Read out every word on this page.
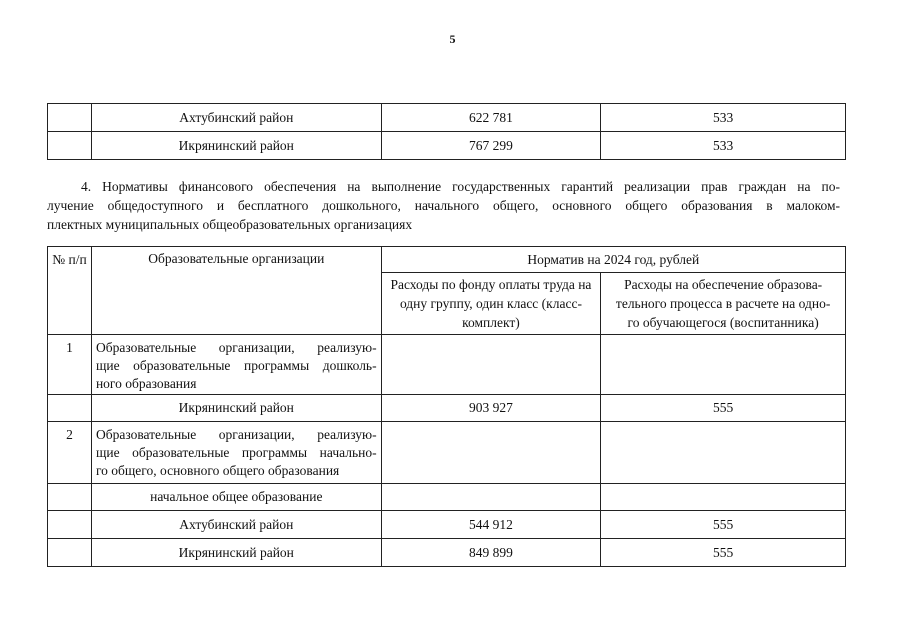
5
	Ахтубинский район	622 781	533
	Икрянинский район	767 299	533
4. Нормативы финансового обеспечения на выполнение государственных гарантий реализации прав граждан на по-
лучение общедоступного и бесплатного дошкольного, начального общего, основного общего образования в малоком-
плектных муниципальных общеобразовательных организациях
№ п/п	Образовательные организации	Норматив на 2024 год, рублей	
		Расходы по фонду оплаты труда на одну группу, один класс (класс-комплект)	Расходы на обеспечение образова-
тельного процесса в расчете на одно-
го обучающегося (воспитанника)

1	Образовательные организации, реализую-
щие образовательные программы дошколь-
ного образования		

	Икрянинский район	903 927	555
2	Образовательные организации, реализую-
щие образовательные программы начально-
го общего, основного общего образования		

	начальное общее образование		
	Ахтубинский район	544 912	555
	Икрянинский район	849 899	555
